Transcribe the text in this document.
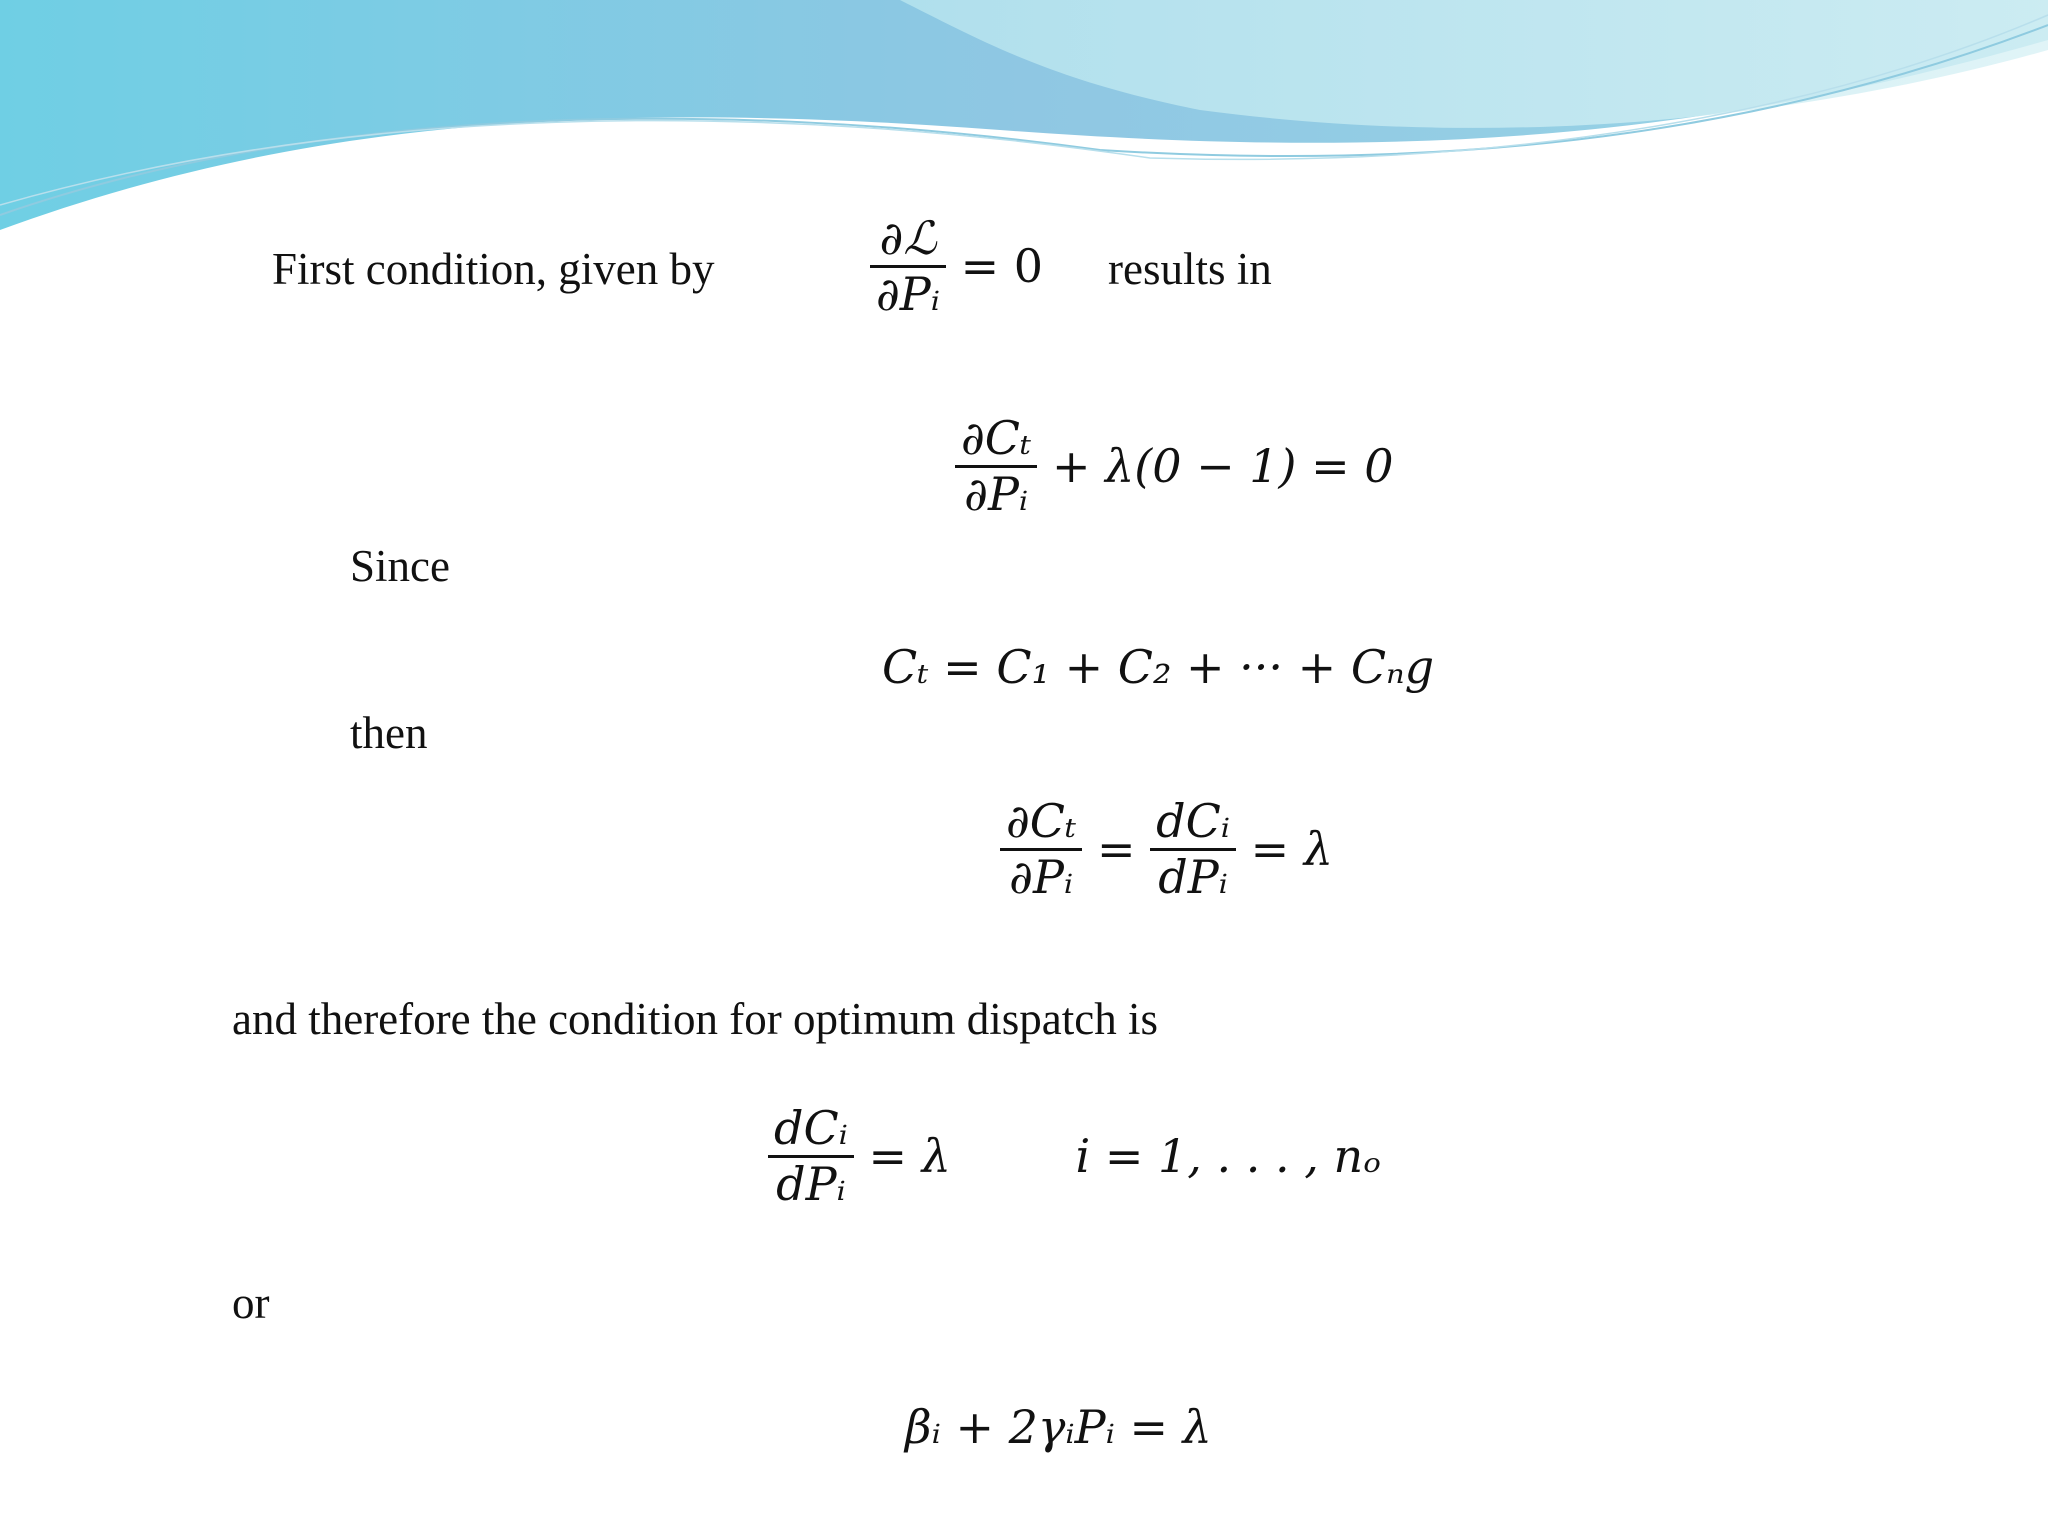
First condition, given by	$\frac{\text{∂ℒ}}{\text{∂Pᵢ}} = 0$ results in
$\frac{\text{∂Cₜ}}{\text{∂Pᵢ}} + \lambda(0 - 1) = 0$
Since
Cₜ = C₁ + C₂ + ··· + Cₙg
then
$\frac{\text{∂Cₜ}}{\text{∂Pᵢ}} = \frac{\text{dCᵢ}}{\text{dPᵢ}} = \lambda$
and therefore the condition for optimum dispatch is
$\frac{\text{dCᵢ}}{\text{dPᵢ}} = \lambda$	i = 1, . . . , nₒ
or
βᵢ + 2γᵢPᵢ = λ
